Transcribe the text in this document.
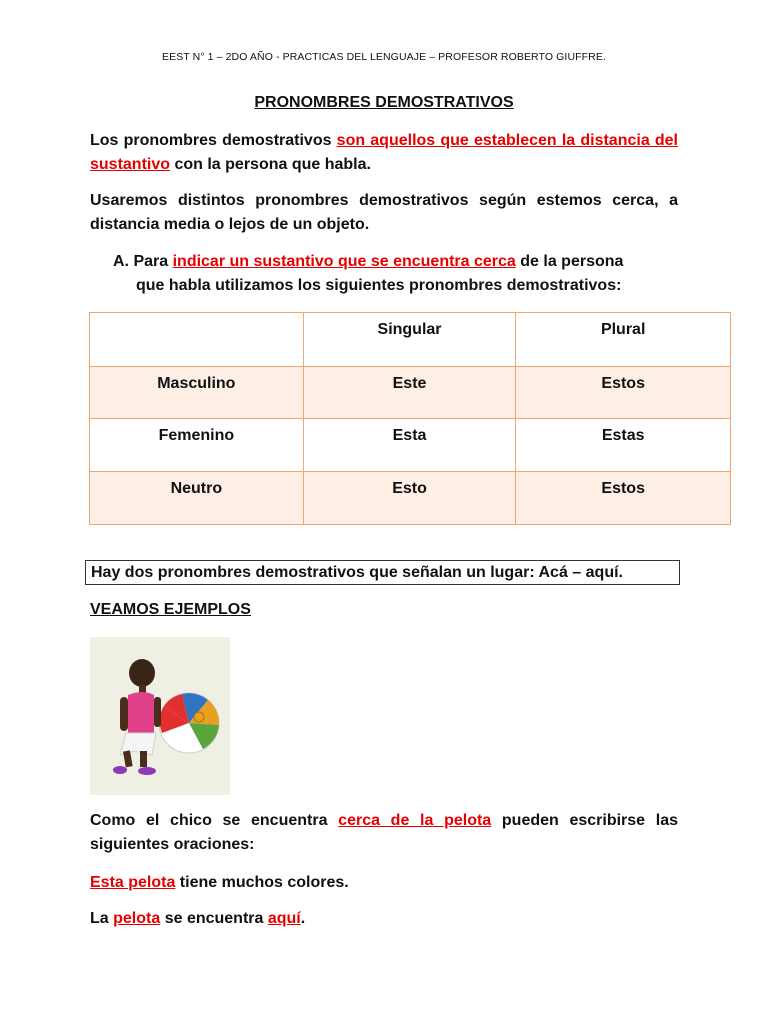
EEST N° 1 – 2DO AÑO - PRACTICAS DEL LENGUAJE – PROFESOR ROBERTO GIUFFRE.
PRONOMBRES DEMOSTRATIVOS
Los pronombres demostrativos son aquellos que establecen la distancia del sustantivo con la persona que habla.
Usaremos distintos pronombres demostrativos según estemos cerca, a distancia media o lejos de un objeto.
A. Para indicar un sustantivo que se encuentra cerca de la persona
que habla utilizamos los siguientes pronombres demostrativos:
	Singular	Plural
Masculino	Este	Estos
Femenino	Esta	Estas
Neutro	Esto	Estos
Hay dos pronombres demostrativos que señalan un lugar: Acá – aquí.
VEAMOS EJEMPLOS
Como el chico se encuentra cerca de la pelota pueden escribirse las siguientes oraciones:
Esta pelota tiene muchos colores.
La pelota se encuentra aquí.
